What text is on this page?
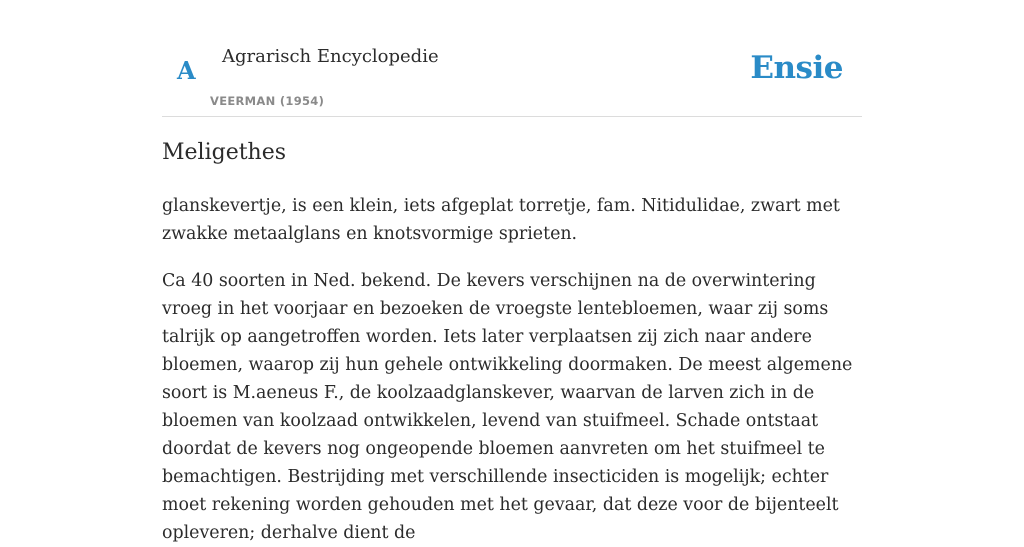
A Agrarisch Encyclopedie
VEERMAN (1954)
Ensie
Meligethes

glanskevertje, is een klein, iets afgeplat torretje, fam. Nitidulidae, zwart met zwakke metaalglans en knotsvormige sprieten.

Ca 40 soorten in Ned. bekend. De kevers verschijnen na de overwintering vroeg in het voorjaar en bezoeken de vroegste lentebloemen, waar zij soms talrijk op aangetroffen worden. Iets later verplaatsen zij zich naar andere bloemen, waarop zij hun gehele ontwikkeling doormaken. De meest algemene soort is M.aeneus F., de koolzaadglanskever, waarvan de larven zich in de bloemen van koolzaad ontwikkelen, levend van stuifmeel. Schade ontstaat doordat de kevers nog ongeopende bloemen aanvreten om het stuifmeel te bemachtigen. Bestrijding met verschillende insecticiden is mogelijk; echter moet rekening worden gehouden met het gevaar, dat deze voor de bijenteelt opleveren; derhalve dient de
